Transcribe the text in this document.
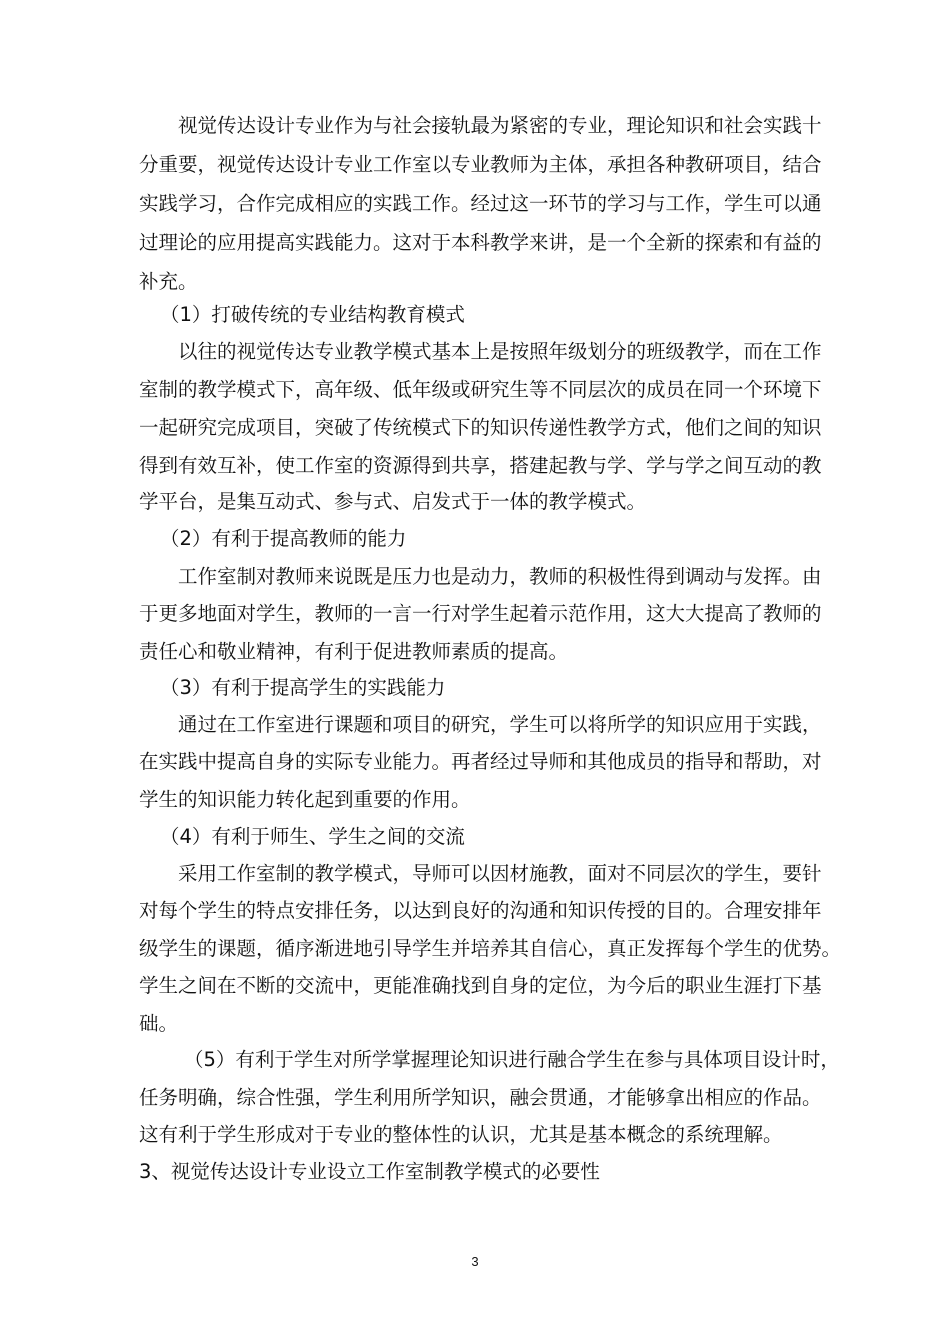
视觉传达设计专业作为与社会接轨最为紧密的专业，理论知识和社会实践十
分重要，视觉传达设计专业工作室以专业教师为主体，承担各种教研项目，结合
实践学习，合作完成相应的实践工作。经过这一环节的学习与工作，学生可以通
过理论的应用提高实践能力。这对于本科教学来讲，是一个全新的探索和有益的
补充。
（1）打破传统的专业结构教育模式
以往的视觉传达专业教学模式基本上是按照年级划分的班级教学，而在工作
室制的教学模式下，高年级、低年级或研究生等不同层次的成员在同一个环境下
一起研究完成项目，突破了传统模式下的知识传递性教学方式，他们之间的知识
得到有效互补，使工作室的资源得到共享，搭建起教与学、学与学之间互动的教
学平台，是集互动式、参与式、启发式于一体的教学模式。
（2）有利于提高教师的能力
工作室制对教师来说既是压力也是动力，教师的积极性得到调动与发挥。由
于更多地面对学生，教师的一言一行对学生起着示范作用，这大大提高了教师的
责任心和敬业精神，有利于促进教师素质的提高。
（3）有利于提高学生的实践能力
通过在工作室进行课题和项目的研究，学生可以将所学的知识应用于实践，
在实践中提高自身的实际专业能力。再者经过导师和其他成员的指导和帮助，对
学生的知识能力转化起到重要的作用。
（4）有利于师生、学生之间的交流
采用工作室制的教学模式，导师可以因材施教，面对不同层次的学生，要针
对每个学生的特点安排任务，以达到良好的沟通和知识传授的目的。合理安排年
级学生的课题，循序渐进地引导学生并培养其自信心，真正发挥每个学生的优势。
学生之间在不断的交流中，更能准确找到自身的定位，为今后的职业生涯打下基
础。
（5）有利于学生对所学掌握理论知识进行融合学生在参与具体项目设计时，
任务明确，综合性强，学生利用所学知识，融会贯通，才能够拿出相应的作品。
这有利于学生形成对于专业的整体性的认识，尤其是基本概念的系统理解。
3、视觉传达设计专业设立工作室制教学模式的必要性
3
